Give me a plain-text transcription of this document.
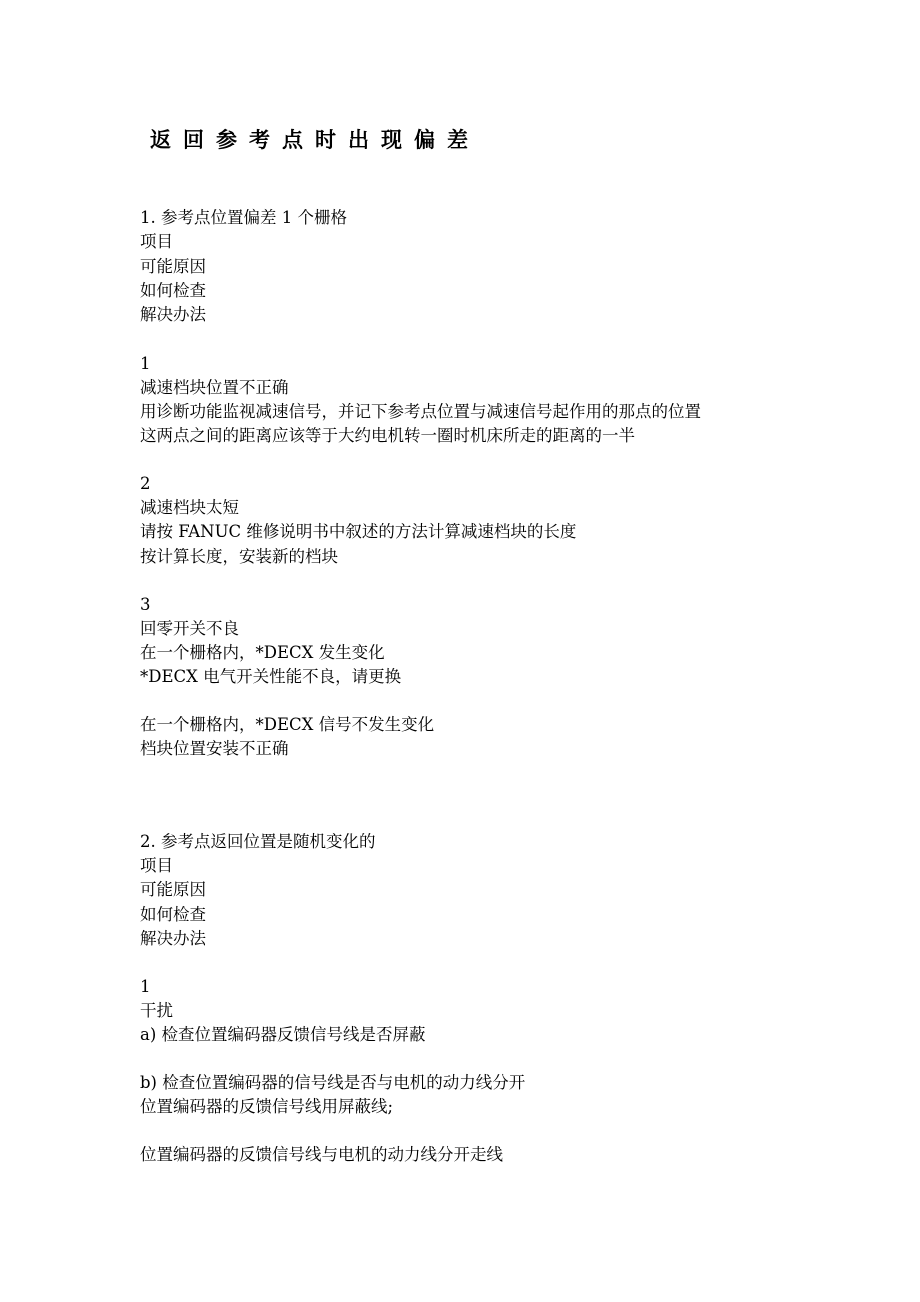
返回参考点时出现偏差
1. 参考点位置偏差 1 个栅格
项目
可能原因
如何检查
解决办法
1
减速档块位置不正确
用诊断功能监视减速信号，并记下参考点位置与减速信号起作用的那点的位置
这两点之间的距离应该等于大约电机转一圈时机床所走的距离的一半
2
减速档块太短
请按 FANUC 维修说明书中叙述的方法计算减速档块的长度
按计算长度，安装新的档块
3
回零开关不良
在一个栅格内，*DECX 发生变化
*DECX 电气开关性能不良，请更换
在一个栅格内，*DECX 信号不发生变化
档块位置安装不正确
2. 参考点返回位置是随机变化的
项目
可能原因
如何检查
解决办法
1
干扰
a) 检查位置编码器反馈信号线是否屏蔽
b) 检查位置编码器的信号线是否与电机的动力线分开
位置编码器的反馈信号线用屏蔽线;
位置编码器的反馈信号线与电机的动力线分开走线
